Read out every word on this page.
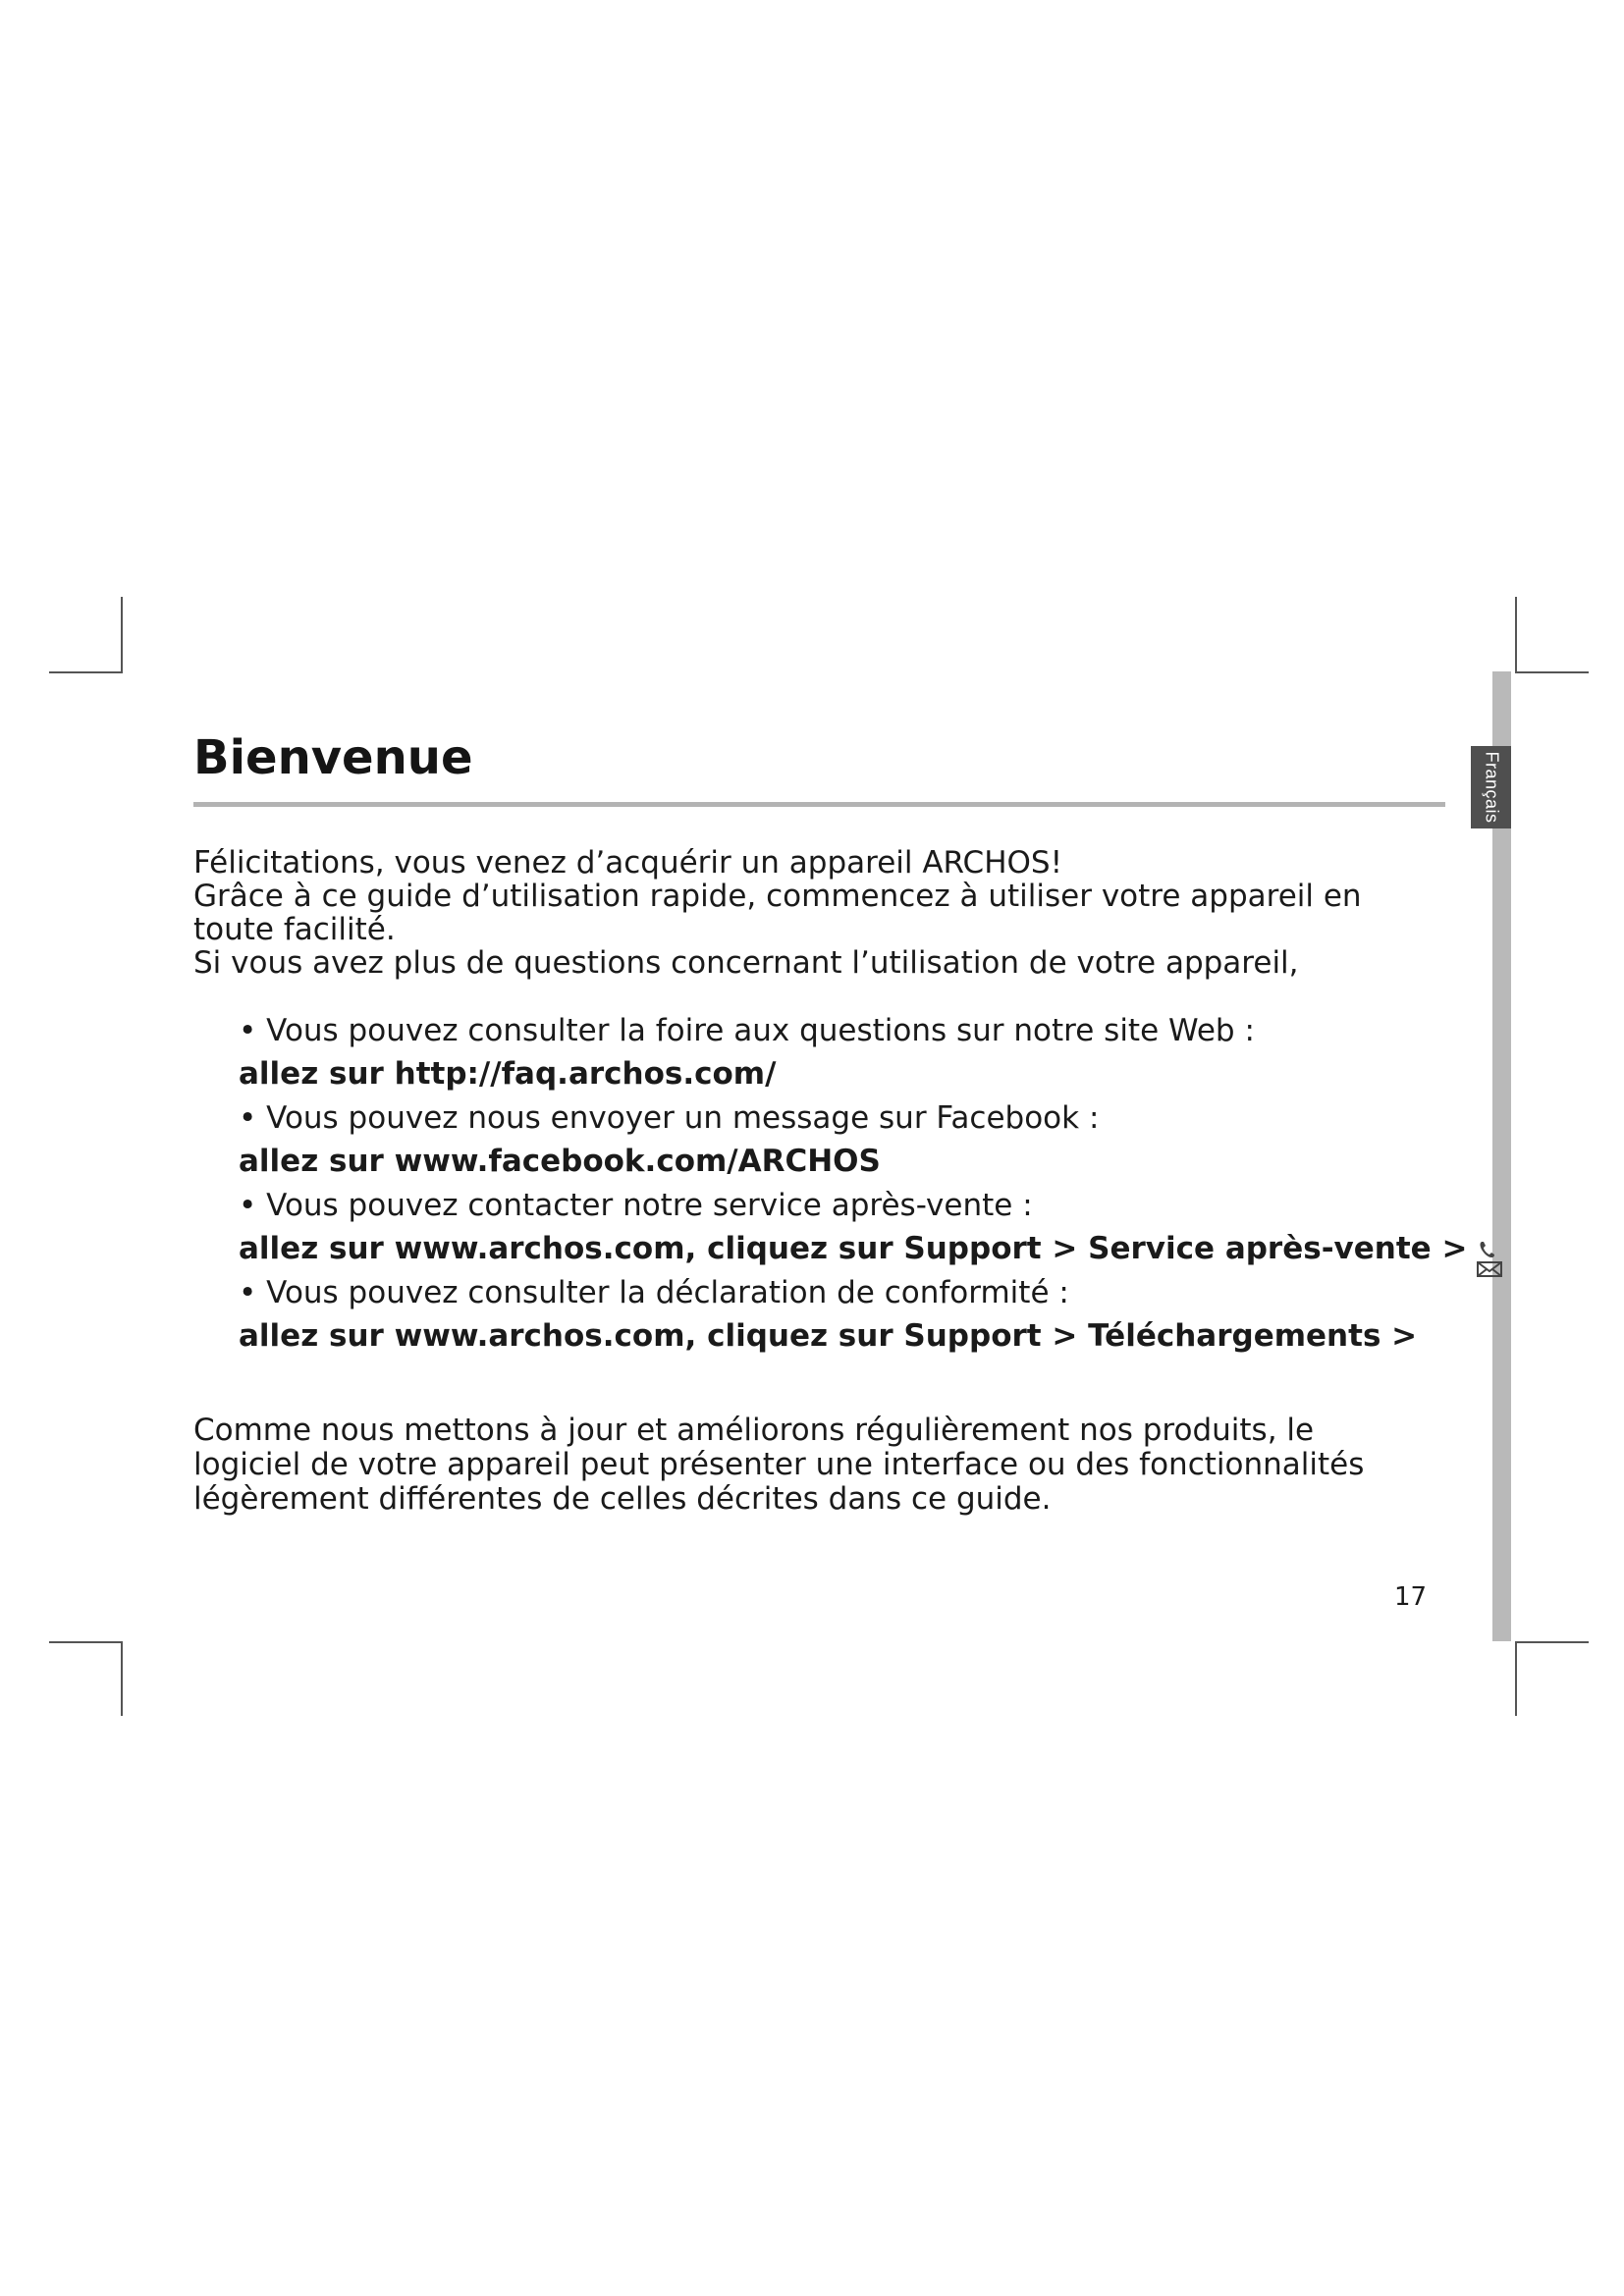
Français
Bienvenue

Félicitations, vous venez d’acquérir un appareil ARCHOS!

Grâce à ce guide d’utilisation rapide, commencez à utiliser votre appareil en toute facilité.

Si vous avez plus de questions concernant l’utilisation de votre appareil,

• Vous pouvez consulter la foire aux questions sur notre site Web :
allez sur http://faq.archos.com/
• Vous pouvez nous envoyer un message sur Facebook :
allez sur www.facebook.com/ARCHOS
• Vous pouvez contacter notre service après-vente :
allez sur www.archos.com, cliquez sur Support > Service après-vente >
• Vous pouvez consulter la déclaration de conformité :
allez sur www.archos.com, cliquez sur Support > Téléchargements >

Comme nous mettons à jour et améliorons régulièrement nos produits, le logiciel de votre appareil peut présenter une interface ou des fonctionnalités légèrement différentes de celles décrites dans ce guide.

17
